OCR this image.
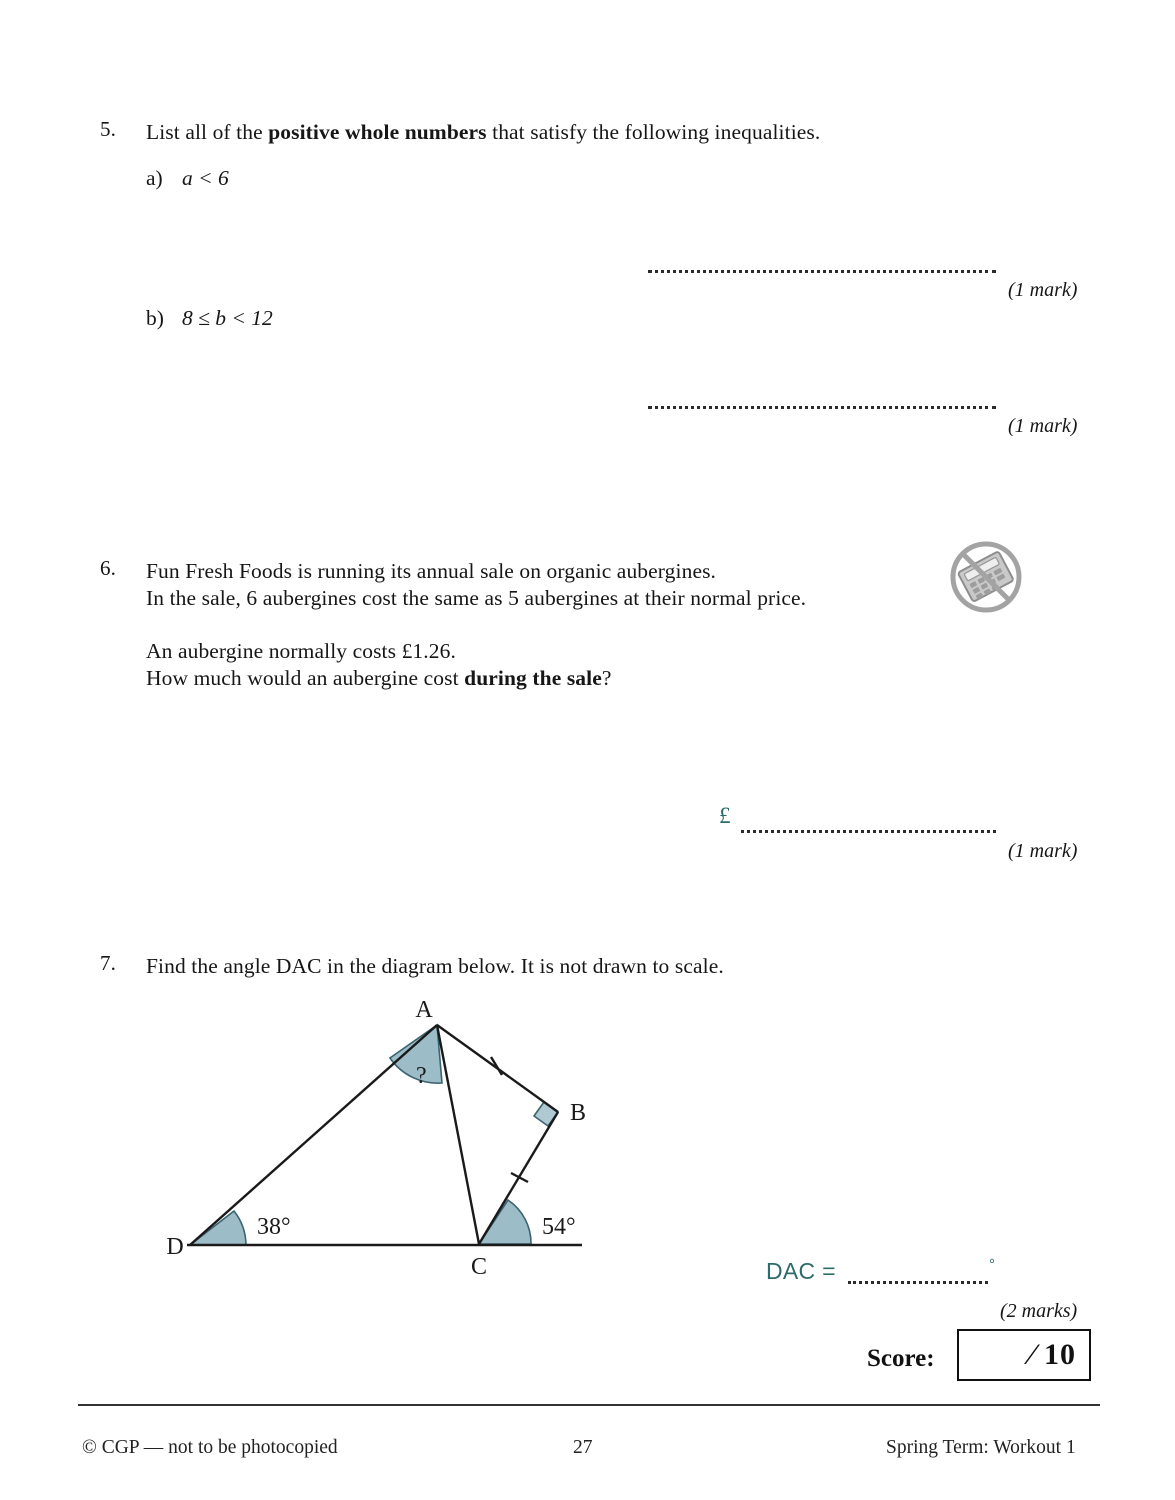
5. List all of the positive whole numbers that satisfy the following inequalities.
a) a < 6
(1 mark)
b) 8 ≤ b < 12
(1 mark)
6. Fun Fresh Foods is running its annual sale on organic aubergines.
In the sale, 6 aubergines cost the same as 5 aubergines at their normal price.
An aubergine normally costs £1.26.
How much would an aubergine cost during the sale?
£
(1 mark)
7. Find the angle DAC in the diagram below. It is not drawn to scale.
A
B
C
D
38°	54°
?
DAC =	°
(2 marks)
Score:	⁄ 10
© CGP — not to be photocopied	27	Spring Term: Workout 1
